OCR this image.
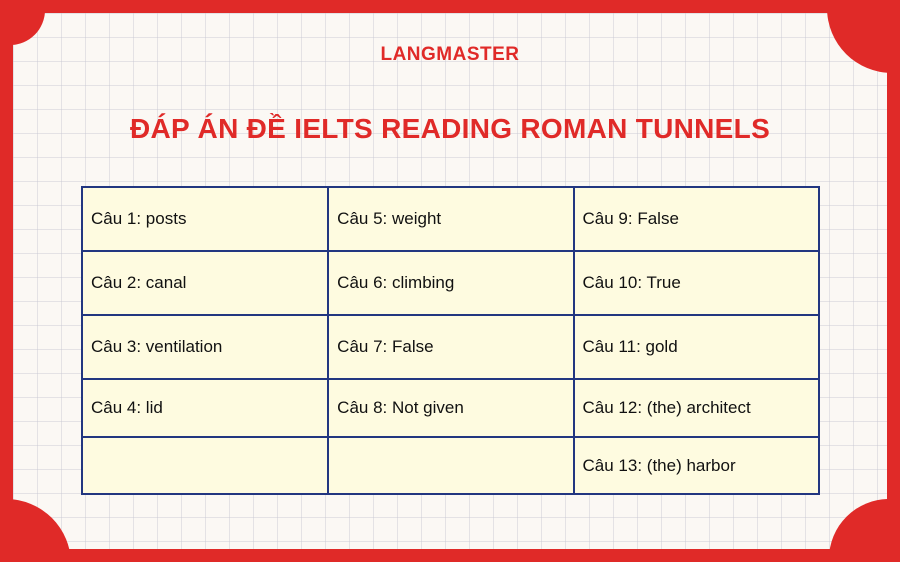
LANGMASTER
ĐÁP ÁN ĐỀ IELTS READING ROMAN TUNNELS
Câu 1: posts	Câu 5: weight	Câu 9: False
Câu 2: canal	Câu 6: climbing	Câu 10: True
Câu 3: ventilation	Câu 7: False	Câu 11: gold
Câu 4: lid	Câu 8: Not given	Câu 12: (the) architect
		Câu 13: (the) harbor
